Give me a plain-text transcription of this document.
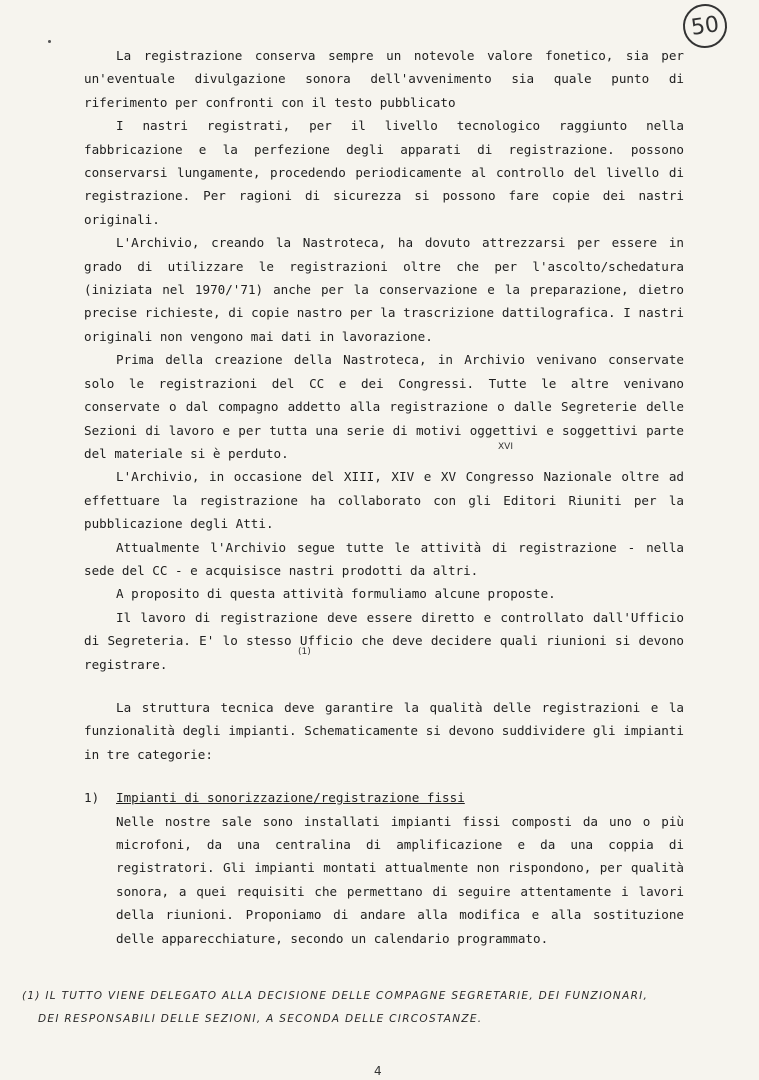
50

La registrazione conserva sempre un notevole valore fonetico, sia per un'eventuale divulgazione sonora dell'avvenimento sia quale punto di riferimento per confronti con il testo pubblicato

I nastri registrati, per il livello tecnologico raggiunto nella fabbricazione e la perfezione degli apparati di registrazione. possono conservarsi lungamente, procedendo periodicamente al controllo del livello di registrazione. Per ragioni di sicurezza si possono fare copie dei nastri originali.

L'Archivio, creando la Nastroteca, ha dovuto attrezzarsi per essere in grado di utilizzare le registrazioni oltre che per l'ascolto/schedatura (iniziata nel 1970/'71) anche per la conservazione e la preparazione, dietro precise richieste, di copie nastro per la trascrizione dattilografica. I nastri originali non vengono mai dati in lavorazione.

Prima della creazione della Nastroteca, in Archivio venivano conservate solo le registrazioni del CC e dei Congressi. Tutte le altre venivano conservate o dal compagno addetto alla registrazione o dalle Segreterie delle Sezioni di lavoro e per tutta una serie di motivi oggettivi e soggettivi parte del materiale si è perduto.

L'Archivio, in occasione del XIII, XIV e XV Congresso Nazionale oltre ad effettuare la registrazione ha collaborato con gli Editori Riuniti per la pubblicazione degli Atti.

Attualmente l'Archivio segue tutte le attività di registrazione - nella sede del CC - e acquisisce nastri prodotti da altri.

A proposito di questa attività formuliamo alcune proposte.

Il lavoro di registrazione deve essere diretto e controllato dall'Ufficio di Segreteria. E' lo stesso Ufficio che deve decidere quali riunioni si devono registrare.

La struttura tecnica deve garantire la qualità delle registrazioni e la funzionalità degli impianti. Schematicamente si devono suddividere gli impianti in tre categorie:

1) Impianti di sonorizzazione/registrazione fissi
Nelle nostre sale sono installati impianti fissi composti da uno o più microfoni, da una centralina di amplificazione e da una coppia di registratori. Gli impianti montati attualmente non rispondono, per qualità sonora, a quei requisiti che permettano di seguire attentamente i lavori della riunioni. Proponiamo di andare alla modifica e alla sostituzione delle apparecchiature, secondo un calendario programmato.
XVI
(1)
(1) IL TUTTO VIENE DELEGATO ALLA DECISIONE DELLE COMPAGNE SEGRETARIE, DEI FUNZIONARI,
DEI RESPONSABILI DELLE SEZIONI, A SECONDA DELLE CIRCOSTANZE.
4
